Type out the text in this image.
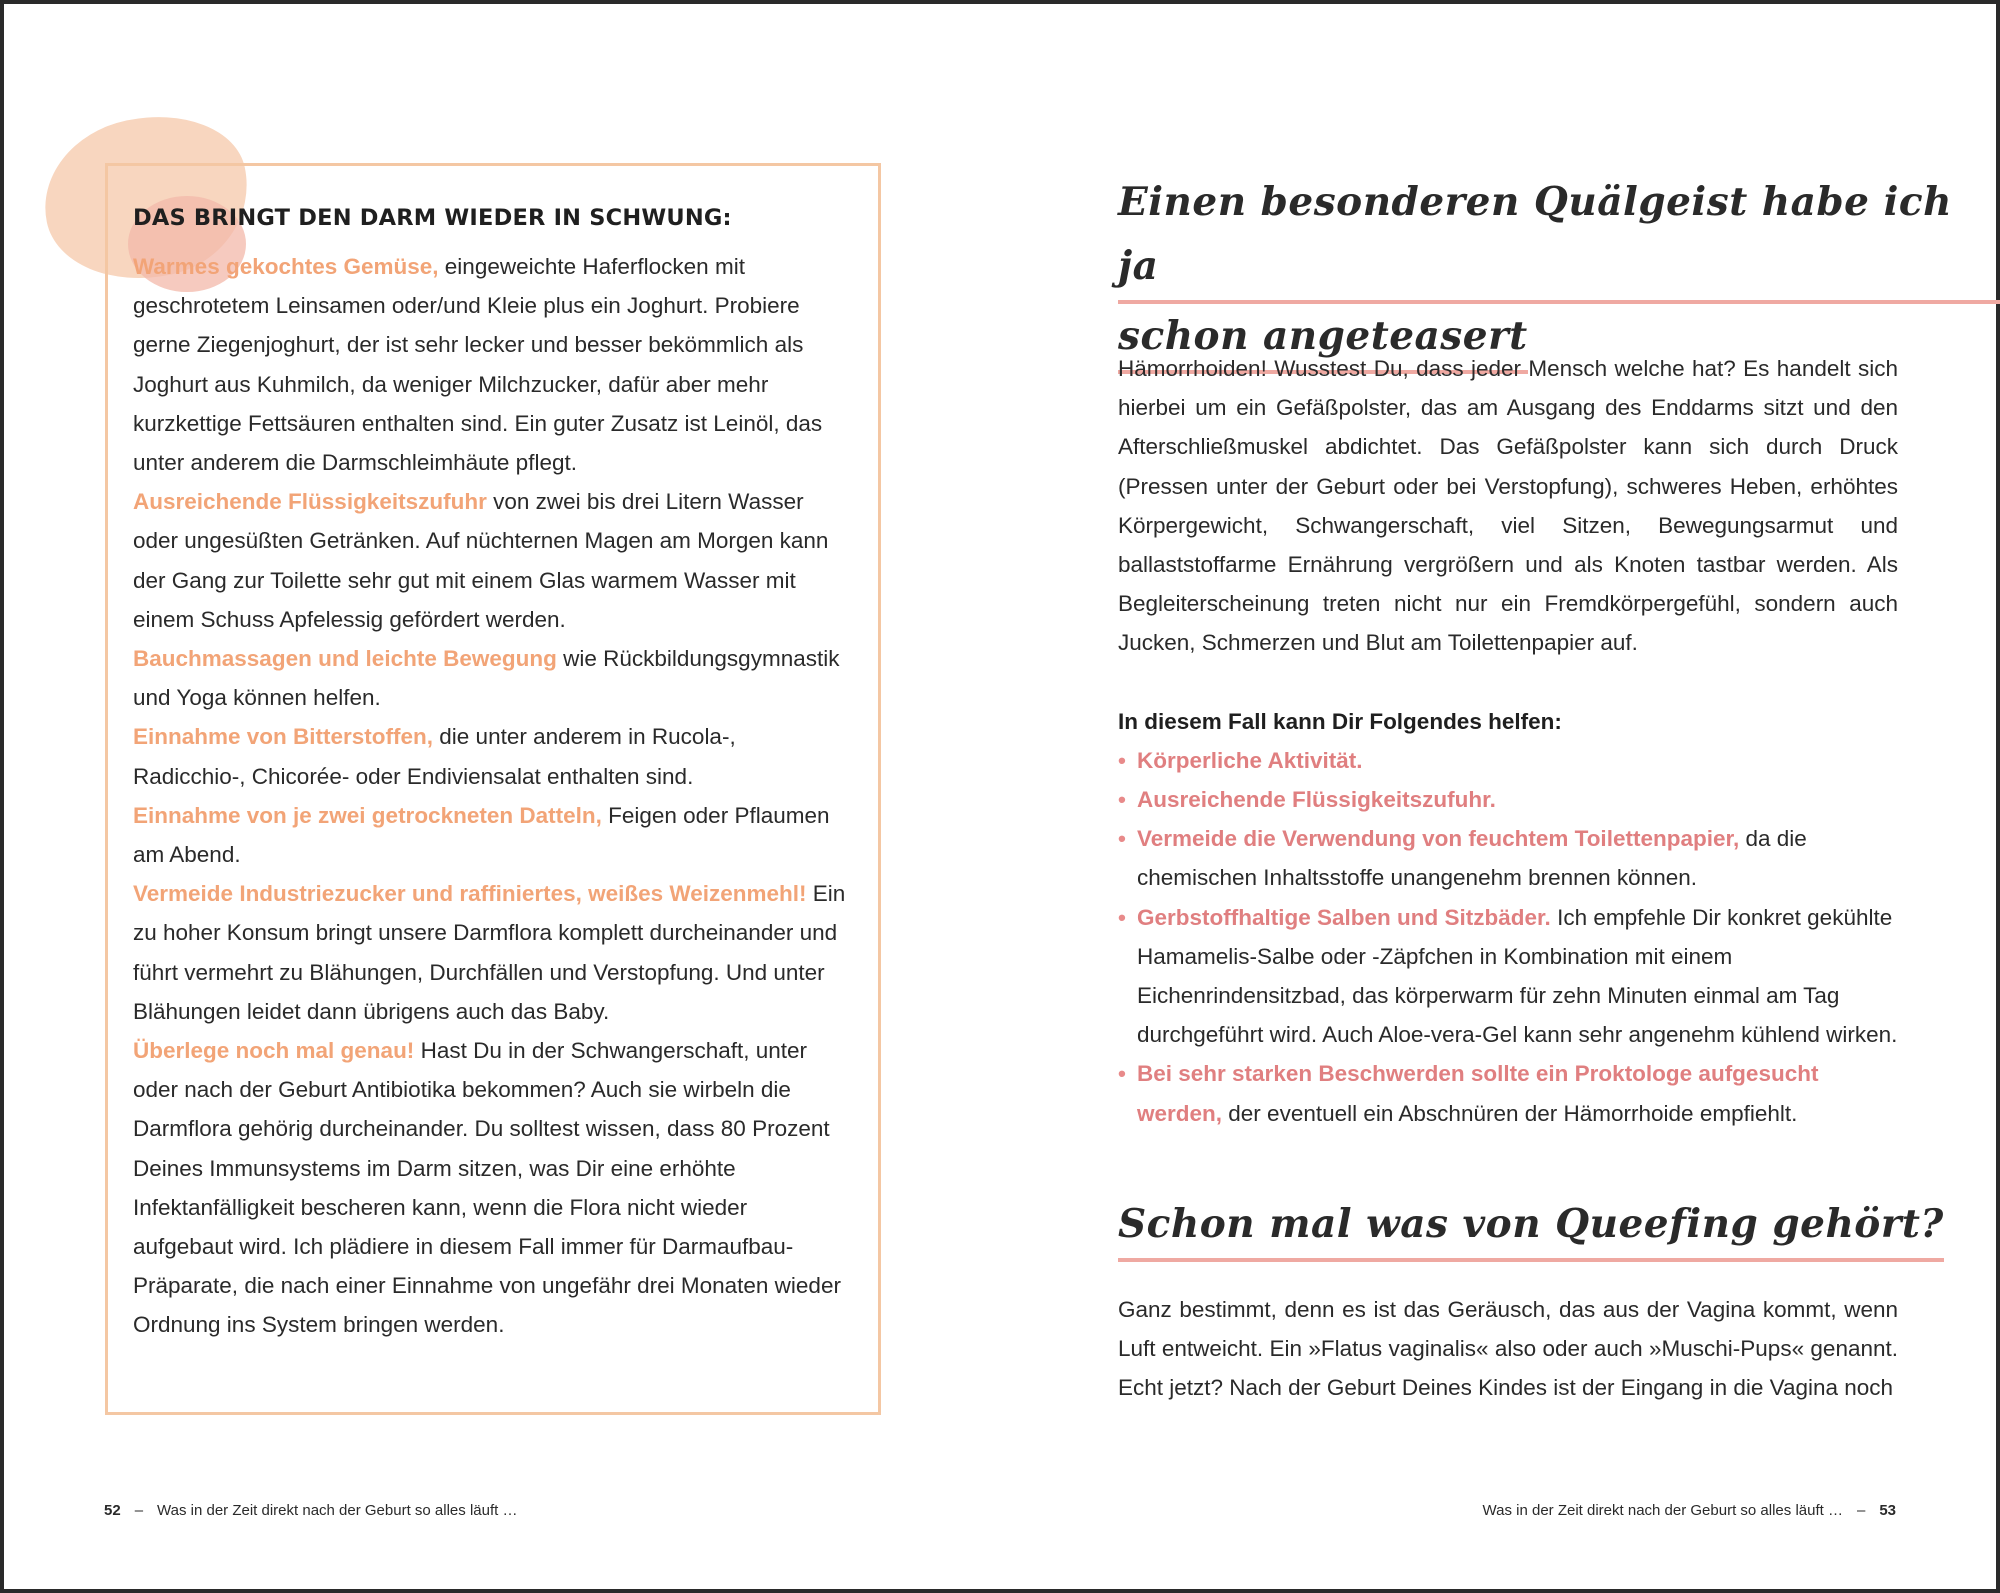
DAS BRINGT DEN DARM WIEDER IN SCHWUNG:

Warmes gekochtes Gemüse, eingeweichte Haferflocken mit geschrotetem Leinsamen oder/und Kleie plus ein Joghurt. Probiere gerne Ziegenjoghurt, der ist sehr lecker und besser bekömmlich als Joghurt aus Kuhmilch, da weniger Milchzucker, dafür aber mehr kurzkettige Fettsäuren enthalten sind. Ein guter Zusatz ist Leinöl, das unter anderem die Darmschleimhäute pflegt.

Ausreichende Flüssigkeitszufuhr von zwei bis drei Litern Wasser oder ungesüßten Getränken. Auf nüchternen Magen am Morgen kann der Gang zur Toilette sehr gut mit einem Glas warmem Wasser mit einem Schuss Apfelessig gefördert werden.

Bauchmassagen und leichte Bewegung wie Rückbildungsgymnastik und Yoga können helfen.

Einnahme von Bitterstoffen, die unter anderem in Rucola-, Radicchio-, Chicorée- oder Endiviensalat enthalten sind.

Einnahme von je zwei getrockneten Datteln, Feigen oder Pflaumen am Abend.

Vermeide Industriezucker und raffiniertes, weißes Weizenmehl! Ein zu hoher Konsum bringt unsere Darmflora komplett durcheinander und führt vermehrt zu Blähungen, Durchfällen und Verstopfung. Und unter Blähungen leidet dann übrigens auch das Baby.

Überlege noch mal genau! Hast Du in der Schwangerschaft, unter oder nach der Geburt Antibiotika bekommen? Auch sie wirbeln die Darmflora gehörig durcheinander. Du solltest wissen, dass 80 Prozent Deines Immunsystems im Darm sitzen, was Dir eine erhöhte Infektanfälligkeit bescheren kann, wenn die Flora nicht wieder aufgebaut wird. Ich plädiere in diesem Fall immer für Darmaufbau-Präparate, die nach einer Einnahme von ungefähr drei Monaten wieder Ordnung ins System bringen werden.

Einen besonderen Quälgeist habe ich ja
schon angeteasert

Hämorrhoiden! Wusstest Du, dass jeder Mensch welche hat? Es handelt sich hierbei um ein Gefäßpolster, das am Ausgang des Enddarms sitzt und den Afterschließmuskel abdichtet. Das Gefäßpolster kann sich durch Druck (Pressen unter der Geburt oder bei Verstopfung), schweres Heben, erhöhtes Körpergewicht, Schwangerschaft, viel Sitzen, Bewegungsarmut und ballaststoffarme Ernährung vergrößern und als Knoten tastbar werden. Als Begleiterscheinung treten nicht nur ein Fremdkörpergefühl, sondern auch Jucken, Schmerzen und Blut am Toilettenpapier auf.

In diesem Fall kann Dir Folgendes helfen:
• Körperliche Aktivität.
• Ausreichende Flüssigkeitszufuhr.
• Vermeide die Verwendung von feuchtem Toilettenpapier, da die chemischen Inhaltsstoffe unangenehm brennen können.
• Gerbstoffhaltige Salben und Sitzbäder. Ich empfehle Dir konkret gekühlte Hamamelis-Salbe oder -Zäpfchen in Kombination mit einem Eichenrindensitzbad, das körperwarm für zehn Minuten einmal am Tag durchgeführt wird. Auch Aloe-vera-Gel kann sehr angenehm kühlend wirken.
• Bei sehr starken Beschwerden sollte ein Proktologe aufgesucht werden, der eventuell ein Abschnüren der Hämorrhoide empfiehlt.
Schon mal was von Queefing gehört?

Ganz bestimmt, denn es ist das Geräusch, das aus der Vagina kommt, wenn Luft entweicht. Ein »Flatus vaginalis« also oder auch »Muschi-Pups« genannt. Echt jetzt? Nach der Geburt Deines Kindes ist der Eingang in die Vagina noch

52 – Was in der Zeit direkt nach der Geburt so alles läuft …	Was in der Zeit direkt nach der Geburt so alles läuft … – 53
